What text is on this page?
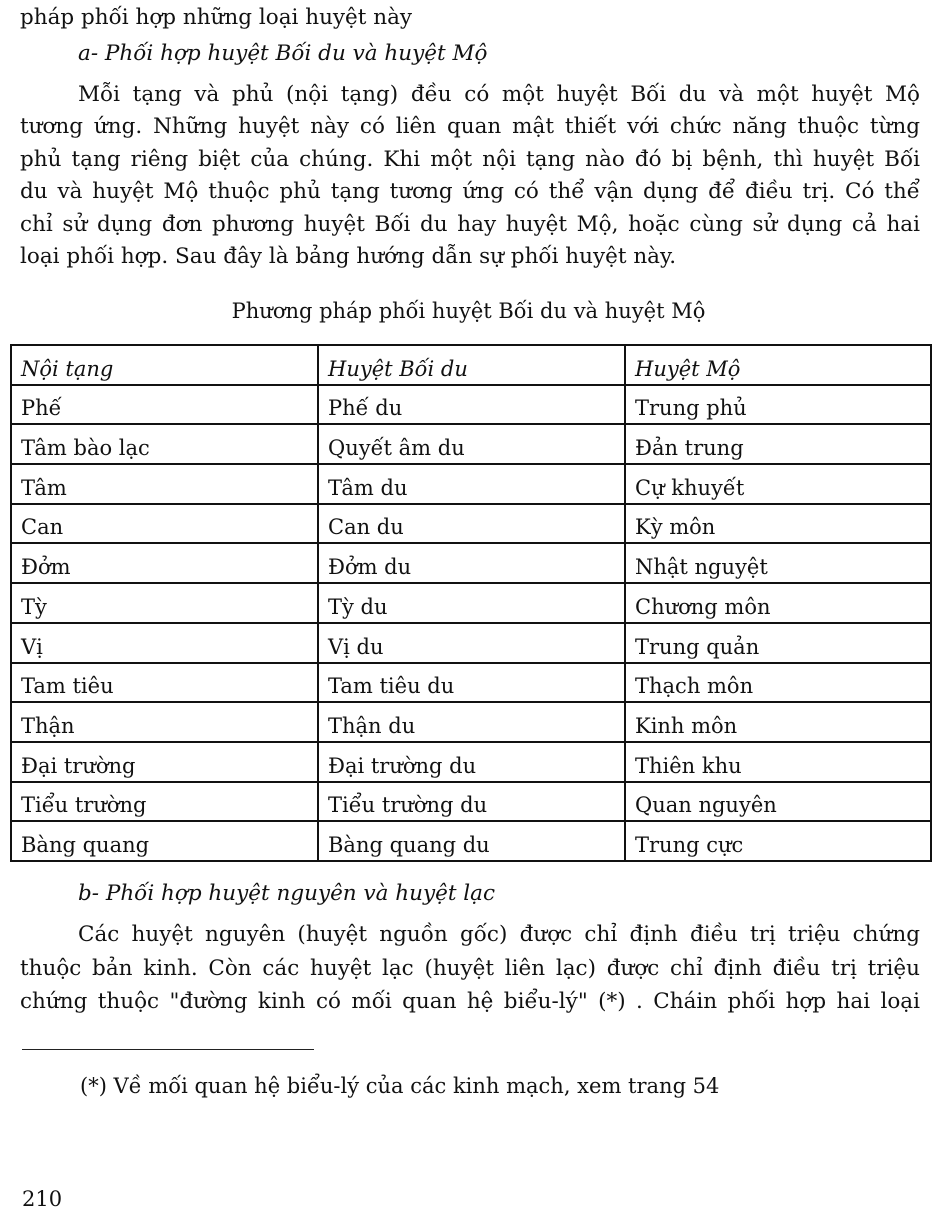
pháp phối hợp những loại huyệt này
a- Phối hợp huyệt Bối du và huyệt Mộ
Mỗi tạng và phủ (nội tạng) đều có một huyệt Bối du và một huyệt Mộ
tương ứng. Những huyệt này có liên quan mật thiết với chức năng thuộc từng
phủ tạng riêng biệt của chúng. Khi một nội tạng nào đó bị bệnh, thì huyệt Bối
du và huyệt Mộ thuộc phủ tạng tương ứng có thể vận dụng để điều trị. Có thể
chỉ sử dụng đơn phương huyệt Bối du hay huyệt Mộ, hoặc cùng sử dụng cả hai
loại phối hợp. Sau đây là bảng hướng dẫn sự phối huyệt này.
Phương pháp phối huyệt Bối du và huyệt Mộ
Nội tạng	Huyệt Bối du	Huyệt Mộ
Phế	Phế du	Trung phủ
Tâm bào lạc	Quyết âm du	Đản trung
Tâm	Tâm du	Cự khuyết
Can	Can du	Kỳ môn
Đởm	Đởm du	Nhật nguyệt
Tỳ	Tỳ du	Chương môn
Vị	Vị du	Trung quản
Tam tiêu	Tam tiêu du	Thạch môn
Thận	Thận du	Kinh môn
Đại trường	Đại trường du	Thiên khu
Tiểu trường	Tiểu trường du	Quan nguyên
Bàng quang	Bàng quang du	Trung cực
b- Phối hợp huyệt nguyên và huyệt lạc
Các huyệt nguyên (huyệt nguồn gốc) được chỉ định điều trị triệu chứng
thuộc bản kinh. Còn các huyệt lạc (huyệt liên lạc) được chỉ định điều trị triệu
chứng thuộc "đường kinh có mối quan hệ biểu-lý" (*) . Cháin phối hợp hai loại
(*) Về mối quan hệ biểu-lý của các kinh mạch, xem trang 54
210
